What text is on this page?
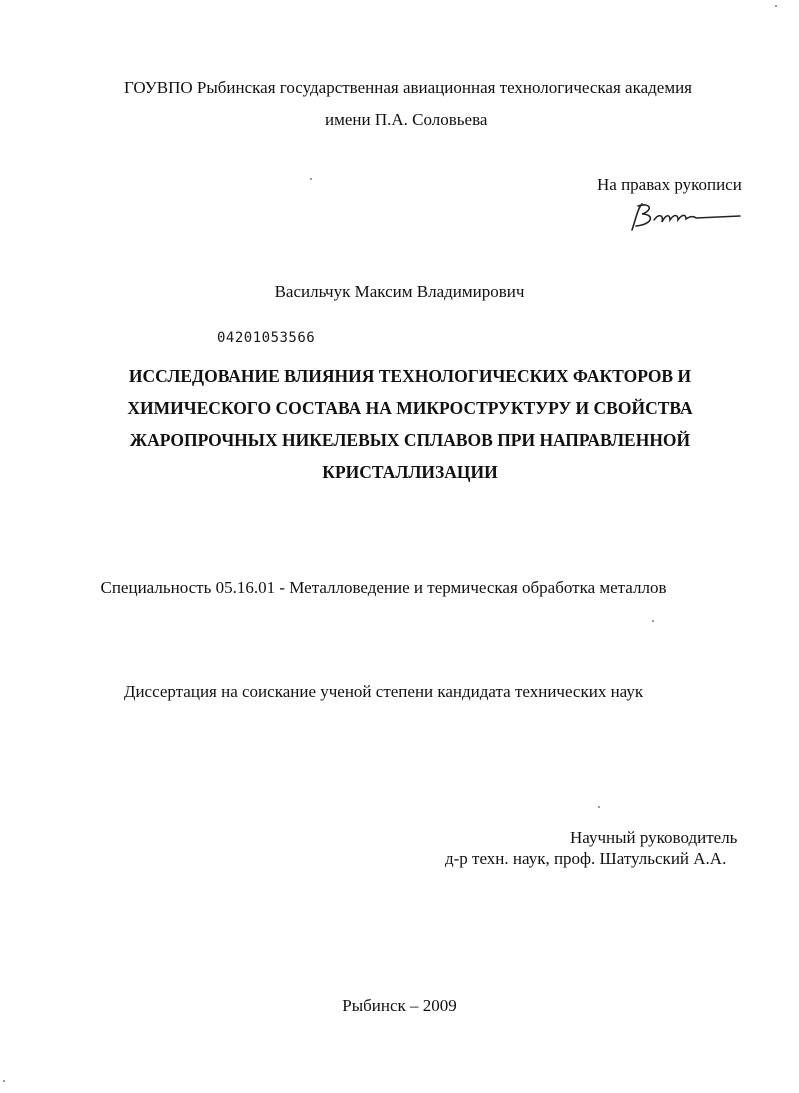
ГОУВПО Рыбинская государственная авиационная технологическая академия
имени П.А. Соловьева
На правах рукописи
Васильчук Максим Владимирович
04201053566
ИССЛЕДОВАНИЕ ВЛИЯНИЯ ТЕХНОЛОГИЧЕСКИХ ФАКТОРОВ И
ХИМИЧЕСКОГО СОСТАВА НА МИКРОСТРУКТУРУ И СВОЙСТВА
ЖАРОПРОЧНЫХ НИКЕЛЕВЫХ СПЛАВОВ ПРИ НАПРАВЛЕННОЙ
КРИСТАЛЛИЗАЦИИ
Специальность 05.16.01 - Металловедение и термическая обработка металлов
Диссертация на соискание ученой степени кандидата технических наук
Научный руководитель
д-р техн. наук, проф. Шатульский А.А.
Рыбинск – 2009
